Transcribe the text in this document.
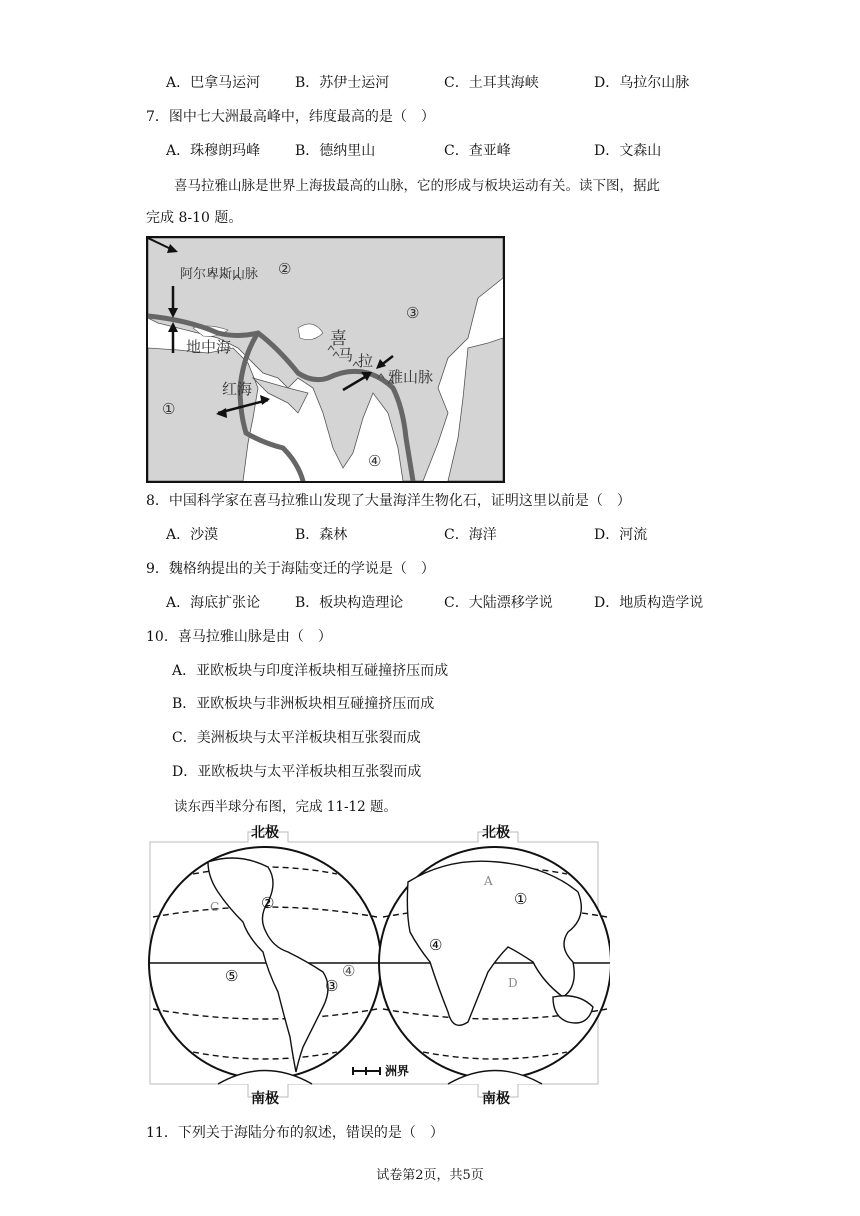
A．巴拿马运河 B．苏伊士运河	C．土耳其海峡	D．乌拉尔山脉
7．图中七大洲最高峰中，纬度最高的是（　）
A．珠穆朗玛峰 B．德纳里山	C．查亚峰	D．文森山
喜马拉雅山脉是世界上海拔最高的山脉，它的形成与板块运动有关。读下图，据此
完成 8-10 题。
阿尔卑斯山脉 ②
③
①
④
地中海
红海
喜
马 拉
雅山脉
8．中国科学家在喜马拉雅山发现了大量海洋生物化石，证明这里以前是（　）
A．沙漠	B．森林	C．海洋	D．河流
9．魏格纳提出的关于海陆变迁的学说是（　）
A．海底扩张论 B．板块构造理论	C．大陆漂移学说	D．地质构造学说
10．喜马拉雅山脉是由（　）
A．亚欧板块与印度洋板块相互碰撞挤压而成
B．亚欧板块与非洲板块相互碰撞挤压而成
C．美洲板块与太平洋板块相互张裂而成
D．亚欧板块与太平洋板块相互张裂而成
读东西半球分布图，完成 11-12 题。
北极	北极
南极	南极
洲界
①
②
③
④
④
⑤
C
A
D
11．下列关于海陆分布的叙述，错误的是（　）
试卷第2页，共5页
